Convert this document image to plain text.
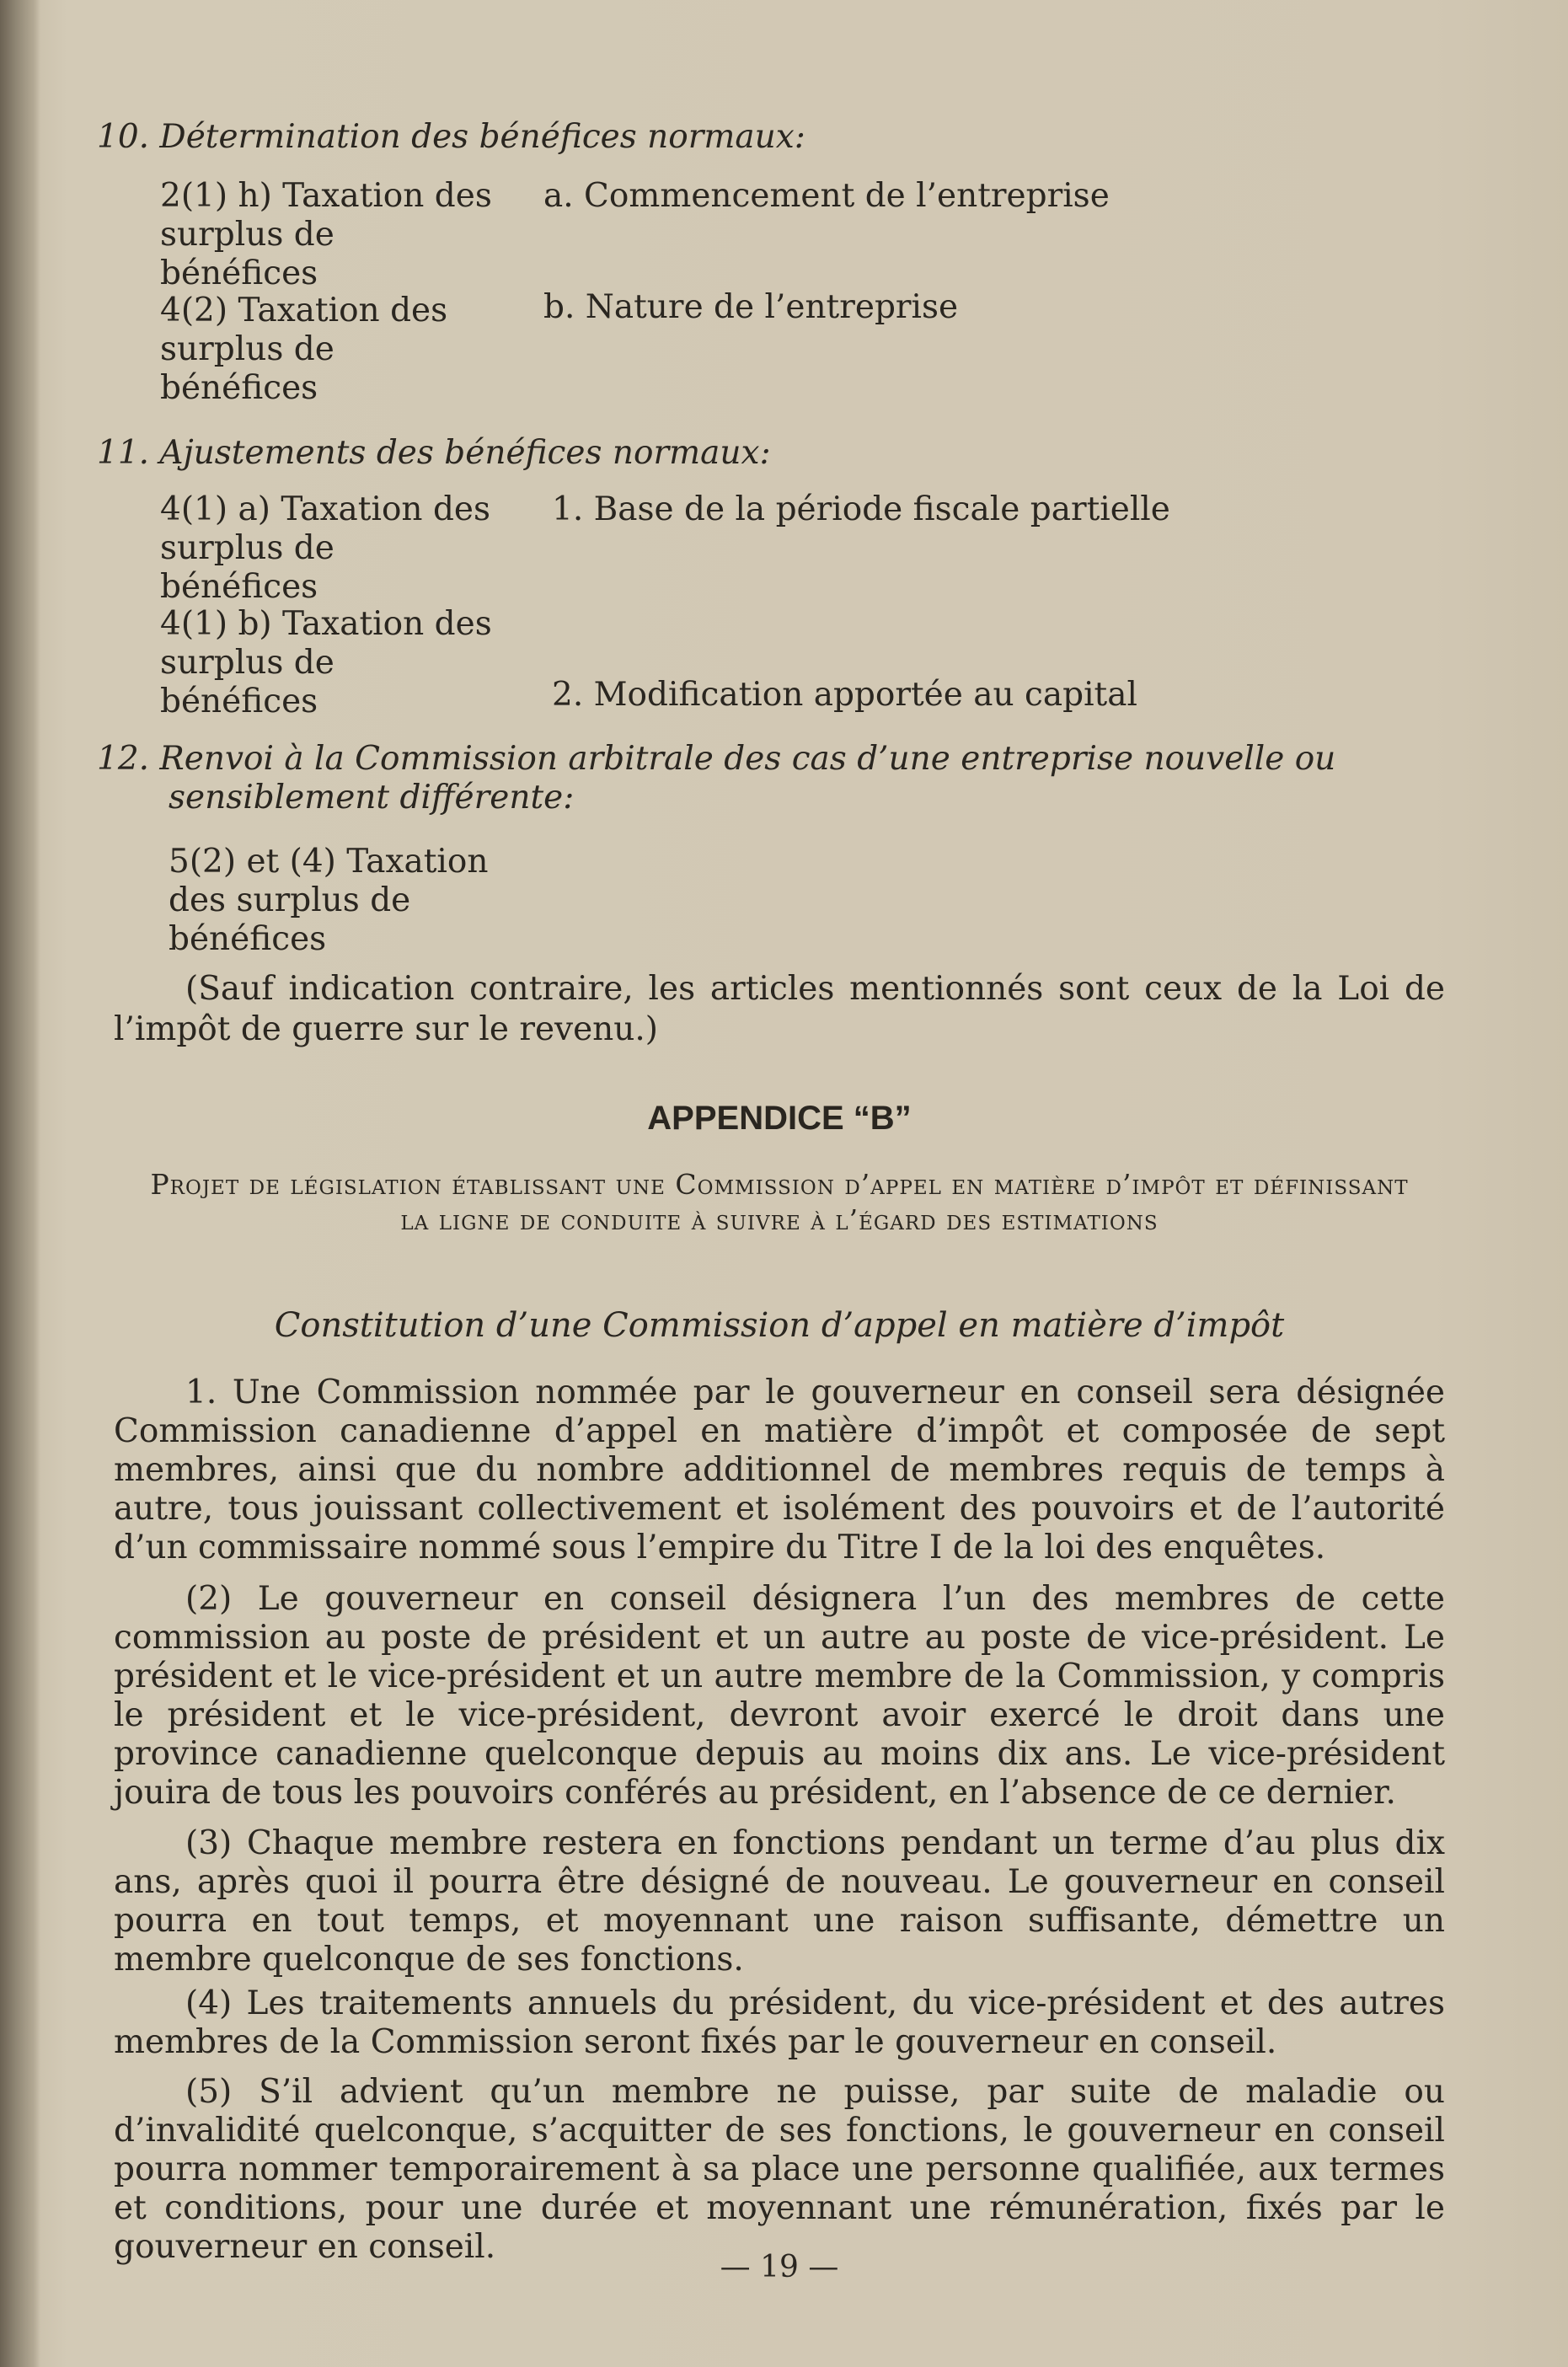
10. Détermination des bénéfices normaux:
2(1) h) Taxation des surplus de bénéfices
4(2) Taxation des surplus de bénéfices
a. Commencement de l’entreprise
b. Nature de l’entreprise
11. Ajustements des bénéfices normaux:
4(1) a) Taxation des surplus de bénéfices
4(1) b) Taxation des surplus de bénéfices
1. Base de la période fiscale partielle
2. Modification apportée au capital
12. Renvoi à la Commission arbitrale des cas d’une entreprise nouvelle ou sensiblement différente:
5(2) et (4) Taxation des surplus de bénéfices
(Sauf indication contraire, les articles mentionnés sont ceux de la Loi de l’impôt de guerre sur le revenu.)
APPENDICE “B”
Projet de législation établissant une Commission d’appel en matière d’impôt et définissant la ligne de conduite à suivre à l’égard des estimations
Constitution d’une Commission d’appel en matière d’impôt
1. Une Commission nommée par le gouverneur en conseil sera désignée Commission canadienne d’appel en matière d’impôt et composée de sept membres, ainsi que du nombre additionnel de membres requis de temps à autre, tous jouissant collectivement et isolément des pouvoirs et de l’autorité d’un commissaire nommé sous l’empire du Titre I de la loi des enquêtes.
(2) Le gouverneur en conseil désignera l’un des membres de cette commission au poste de président et un autre au poste de vice-président. Le président et le vice-président et un autre membre de la Commission, y compris le président et le vice-président, devront avoir exercé le droit dans une province canadienne quelconque depuis au moins dix ans. Le vice-président jouira de tous les pouvoirs conférés au président, en l’absence de ce dernier.
(3) Chaque membre restera en fonctions pendant un terme d’au plus dix ans, après quoi il pourra être désigné de nouveau. Le gouverneur en conseil pourra en tout temps, et moyennant une raison suffisante, démettre un membre quelconque de ses fonctions.
(4) Les traitements annuels du président, du vice-président et des autres membres de la Commission seront fixés par le gouverneur en conseil.
(5) S’il advient qu’un membre ne puisse, par suite de maladie ou d’invalidité quelconque, s’acquitter de ses fonctions, le gouverneur en conseil pourra nommer temporairement à sa place une personne qualifiée, aux termes et conditions, pour une durée et moyennant une rémunération, fixés par le gouverneur en conseil.
— 19 —
